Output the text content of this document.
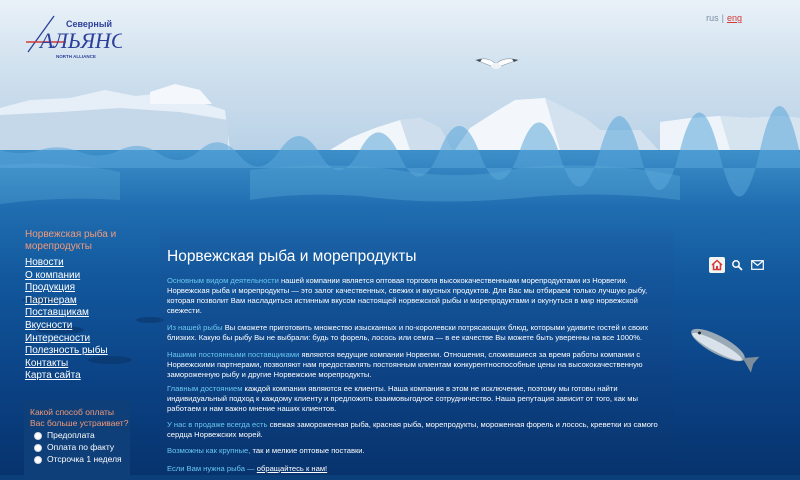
rus | eng
Северный
АЛЬЯНС
NORTH ALLIANCE
Норвежская рыба и морепродукты
Новости
О компании
Продукция
Партнерам
Поставщикам
Вкусности
Интересности
Полезность рыбы
Контакты
Карта сайта
Какой способ оплаты Вас больше устраивает?
Предоплата
Оплата по факту
Отсрочка 1 неделя
Норвежская рыба и морепродукты

Основным видом деятельности нашей компании является оптовая торговля высококачественными морепродуктами из Норвегии. Норвежская рыба и морепродукты — это залог качественных, свежих и вкусных продуктов. Для Вас мы отбираем только лучшую рыбу, которая позволит Вам насладиться истинным вкусом настоящей норвежской рыбы и морепродуктами и окунуться в мир норвежской свежести.

Из нашей рыбы Вы сможете приготовить множество изысканных и по-королевски потрясающих блюд, которыми удивите гостей и своих близких. Какую бы рыбу Вы не выбрали: будь то форель, лосось или семга — в ее качестве Вы можете быть уверенны на все 1000%.

Нашими постоянными поставщиками являются ведущие компании Норвегии. Отношения, сложившиеся за время работы компании с Норвежскими партнерами, позволяют нам предоставлять постоянным клиентам конкурентноспособные цены на высококачественную замороженную рыбу и другие Норвежские морепродукты.

Главным достоянием каждой компании являются ее клиенты. Наша компания в этом не исключение, поэтому мы готовы найти индивидуальный подход к каждому клиенту и предложить взаимовыгодное сотрудничество. Наша репутация зависит от того, как мы работаем и нам важно мнение наших клиентов.

У нас в продаже всегда есть свежая замороженная рыба, красная рыба, морепродукты, мороженная форель и лосось, креветки из самого сердца Норвежских морей.

Возможны как крупные, так и мелкие оптовые поставки.

Если Вам нужна рыба — обращайтесь к нам!
